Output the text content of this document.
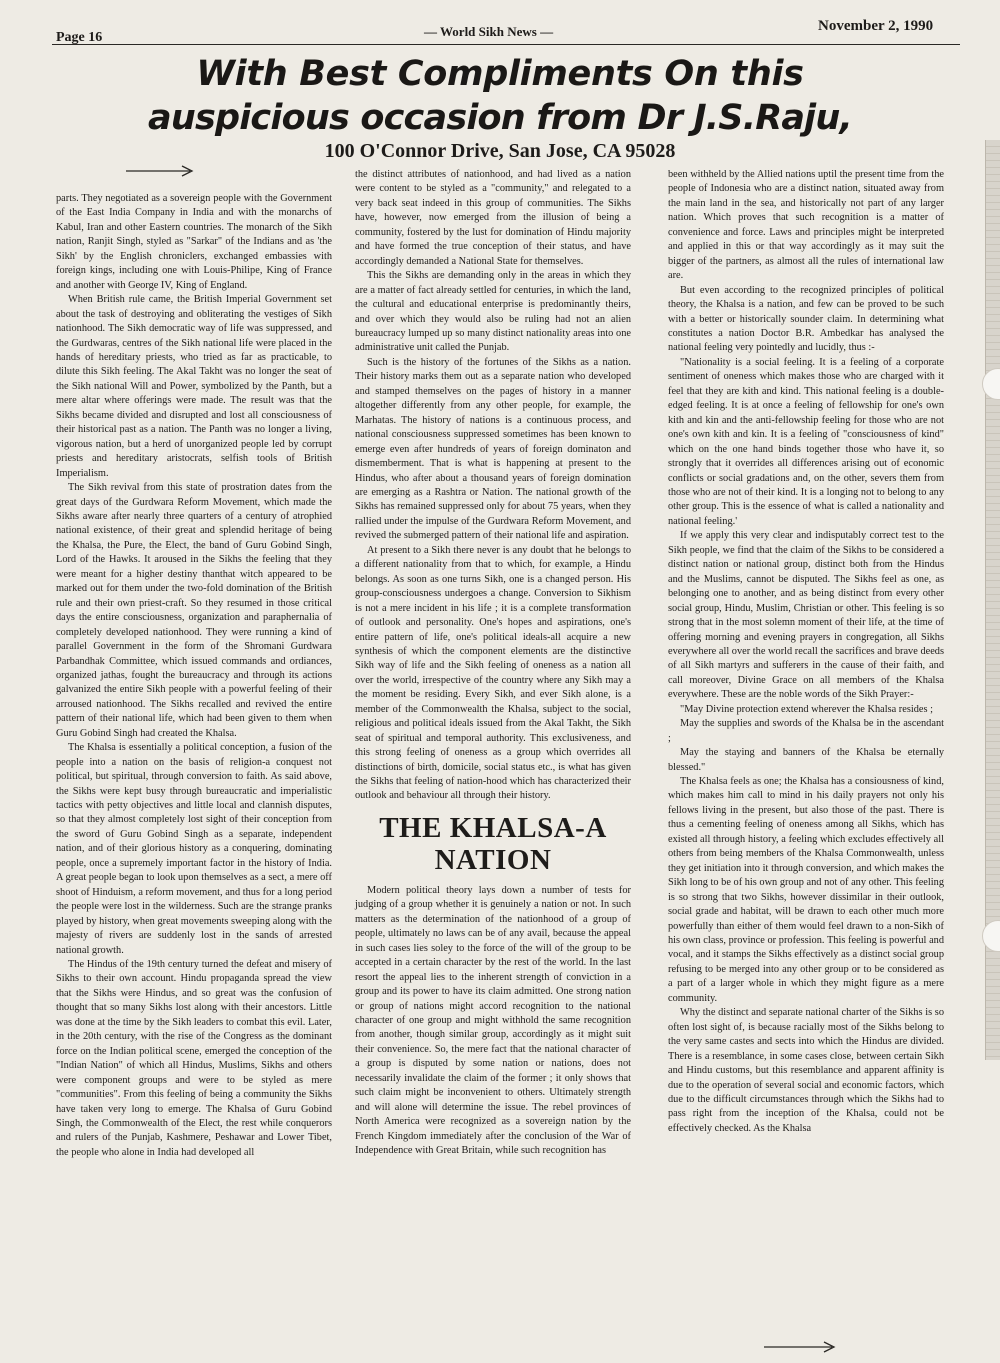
Page 16	— World Sikh News —	November 2, 1990
With Best Compliments On this
auspicious occasion from Dr J.S.Raju,
100 O'Connor Drive, San Jose, CA 95028

parts. They negotiated as a sovereign people with the Government of the East India Company in India and with the monarchs of Kabul, Iran and other Eastern countries. The monarch of the Sikh nation, Ranjit Singh, styled as "Sarkar" of the Indians and as 'the Sikh' by the English chroniclers, exchanged embassies with foreign kings, including one with Louis-Philipe, King of France and another with George IV, King of England.

When British rule came, the British Imperial Government set about the task of destroying and obliterating the vestiges of Sikh nationhood. The Sikh democratic way of life was suppressed, and the Gurdwaras, centres of the Sikh national life were placed in the hands of hereditary priests, who tried as far as practicable, to dilute this Sikh feeling. The Akal Takht was no longer the seat of the Sikh national Will and Power, symbolized by the Panth, but a mere altar where offerings were made. The result was that the Sikhs became divided and disrupted and lost all consciousness of their historical past as a nation. The Panth was no longer a living, vigorous nation, but a herd of unorganized people led by corrupt priests and hereditary aristocrats, selfish tools of British Imperialism.

The Sikh revival from this state of prostration dates from the great days of the Gurdwara Reform Movement, which made the Sikhs aware after nearly three quarters of a century of atrophied national existence, of their great and splendid heritage of being the Khalsa, the Pure, the Elect, the band of Guru Gobind Singh, Lord of the Hawks. It aroused in the Sikhs the feeling that they were meant for a higher destiny thanthat witch appeared to be marked out for them under the two-fold domination of the British rule and their own priest-craft. So they resumed in those critical days the entire consciousness, organization and paraphernalia of completely developed nationhood. They were running a kind of parallel Government in the form of the Shromani Gurdwara Parbandhak Committee, which issued commands and ordiances, organized jathas, fought the bureaucracy and through its actions galvanized the entire Sikh people with a powerful feeling of their arroused nationhood. The Sikhs recalled and revived the entire pattern of their national life, which had been given to them when Guru Gobind Singh had created the Khalsa.

The Khalsa is essentially a political conception, a fusion of the people into a nation on the basis of religion-a conquest not political, but spiritual, through conversion to faith. As said above, the Sikhs were kept busy through bureaucratic and imperialistic tactics with petty objectives and little local and clannish disputes, so that they almost completely lost sight of their conception from the sword of Guru Gobind Singh as a separate, independent nation, and of their glorious history as a conquering, dominating people, once a supremely important factor in the history of India. A great people began to look upon themselves as a sect, a mere off shoot of Hinduism, a reform movement, and thus for a long period the people were lost in the wilderness. Such are the strange pranks played by history, when great movements sweeping along with the majesty of rivers are suddenly lost in the sands of arrested national growth.

The Hindus of the 19th century turned the defeat and misery of Sikhs to their own account. Hindu propaganda spread the view that the Sikhs were Hindus, and so great was the confusion of thought that so many Sikhs lost along with their ancestors. Little was done at the time by the Sikh leaders to combat this evil. Later, in the 20th century, with the rise of the Congress as the dominant force on the Indian political scene, emerged the conception of the "Indian Nation" of which all Hindus, Muslims, Sikhs and others were component groups and were to be styled as mere "communities". From this feeling of being a community the Sikhs have taken very long to emerge. The Khalsa of Guru Gobind Singh, the Commonwealth of the Elect, the rest while conquerors and rulers of the Punjab, Kashmere, Peshawar and Lower Tibet, the people who alone in India had developed all

the distinct attributes of nationhood, and had lived as a nation were content to be styled as a "community," and relegated to a very back seat indeed in this group of communities. The Sikhs have, however, now emerged from the illusion of being a community, fostered by the lust for domination of Hindu majority and have formed the true conception of their status, and have accordingly demanded a National State for themselves.

This the Sikhs are demanding only in the areas in which they are a matter of fact already settled for centuries, in which the land, the cultural and educational enterprise is predominantly theirs, and over which they would also be ruling had not an alien bureaucracy lumped up so many distinct nationality areas into one administrative unit called the Punjab.

Such is the history of the fortunes of the Sikhs as a nation. Their history marks them out as a separate nation who developed and stamped themselves on the pages of history in a manner altogether differently from any other people, for example, the Marhatas. The history of nations is a continuous process, and national consciousness suppressed sometimes has been known to emerge even after hundreds of years of foreign dominaton and dismemberment. That is what is happening at present to the Hindus, who after about a thousand years of foreign domination are emerging as a Rashtra or Nation. The national growth of the Sikhs has remained suppressed only for about 75 years, when they rallied under the impulse of the Gurdwara Reform Movement, and revived the submerged pattern of their national life and aspiration.

At present to a Sikh there never is any doubt that he belongs to a different nationality from that to which, for example, a Hindu belongs. As soon as one turns Sikh, one is a changed person. His group-consciousness undergoes a change. Conversion to Sikhism is not a mere incident in his life ; it is a complete transformation of outlook and personality. One's hopes and aspirations, one's entire pattern of life, one's political ideals-all acquire a new synthesis of which the component elements are the distinctive Sikh way of life and the Sikh feeling of oneness as a nation all over the world, irrespective of the country where any Sikh may a the moment be residing. Every Sikh, and ever Sikh alone, is a member of the Commonwealth the Khalsa, subject to the social, religious and political ideals issued from the Akal Takht, the Sikh seat of spiritual and temporal authority. This exclusiveness, and this strong feeling of oneness as a group which overrides all distinctions of birth, domicile, social status etc., is what has given the Sikhs that feeling of nation-hood which has characterized their outlook and behaviour all through their history.

THE KHALSA-A
NATION

Modern political theory lays down a number of tests for judging of a group whether it is genuinely a nation or not. In such matters as the determination of the nationhood of a group of people, ultimately no laws can be of any avail, because the appeal in such cases lies soley to the force of the will of the group to be accepted in a certain character by the rest of the world. In the last resort the appeal lies to the inherent strength of conviction in a group and its power to have its claim admitted. One strong nation or group of nations might accord recognition to the national character of one group and might withhold the same recognition from another, though similar group, accordingly as it might suit their convenience. So, the mere fact that the national character of a group is disputed by some nation or nations, does not necessarily invalidate the claim of the former ; it only shows that such claim might be inconvenient to others. Ultimately strength and will alone will determine the issue. The rebel provinces of North America were recognized as a sovereign nation by the French Kingdom immediately after the conclusion of the War of Independence with Great Britain, while such recognition has

been withheld by the Allied nations uptil the present time from the people of Indonesia who are a distinct nation, situated away from the main land in the sea, and historically not part of any larger nation. Which proves that such recognition is a matter of convenience and force. Laws and principles might be interpreted and applied in this or that way accordingly as it may suit the bigger of the partners, as almost all the rules of international law are.

But even according to the recognized principles of political theory, the Khalsa is a nation, and few can be proved to be such with a better or historically sounder claim. In determining what constitutes a nation Doctor B.R. Ambedkar has analysed the national feeling very pointedly and lucidly, thus :-

"Nationality is a social feeling. It is a feeling of a corporate sentiment of oneness which makes those who are charged with it feel that they are kith and kind. This national feeling is a double-edged feeling. It is at once a feeling of fellowship for one's own kith and kin and the anti-fellowship feeling for those who are not one's own kith and kin. It is a feeling of "consciousness of kind" which on the one hand binds together those who have it, so strongly that it overrides all differences arising out of economic conflicts or social gradations and, on the other, severs them from those who are not of their kind. It is a longing not to belong to any other group. This is the essence of what is called a nationality and national feeling.'

If we apply this very clear and indisputably correct test to the Sikh people, we find that the claim of the Sikhs to be considered a distinct nation or national group, distinct both from the Hindus and the Muslims, cannot be disputed. The Sikhs feel as one, as belonging one to another, and as being distinct from every other social group, Hindu, Muslim, Christian or other. This feeling is so strong that in the most solemn moment of their life, at the time of offering morning and evening prayers in congregation, all Sikhs everywhere all over the world recall the sacrifices and brave deeds of all Sikh martyrs and sufferers in the cause of their faith, and call moreover, Divine Grace on all members of the Khalsa everywhere. These are the noble words of the Sikh Prayer:-

"May Divine protection extend wherever the Khalsa resides ;

May the supplies and swords of the Khalsa be in the ascendant ;

May the staying and banners of the Khalsa be eternally blessed."

The Khalsa feels as one; the Khalsa has a consiousness of kind, which makes him call to mind in his daily prayers not only his fellows living in the present, but also those of the past. There is thus a cementing feeling of oneness among all Sikhs, which has existed all through history, a feeling which excludes effectively all others from being members of the Khalsa Commonwealth, unless they get initiation into it through conversion, and which makes the Sikh long to be of his own group and not of any other. This feeling is so strong that two Sikhs, however dissimilar in their outlook, social grade and habitat, will be drawn to each other much more powerfully than either of them would feel drawn to a non-Sikh of his own class, province or profession. This feeling is powerful and vocal, and it stamps the Sikhs effectively as a distinct social group refusing to be merged into any other group or to be considered as a part of a larger whole in which they might figure as a mere community.

Why the distinct and separate national charter of the Sikhs is so often lost sight of, is because racially most of the Sikhs belong to the very same castes and sects into which the Hindus are divided. There is a resemblance, in some cases close, between certain Sikh and Hindu customs, but this resemblance and apparent affinity is due to the operation of several social and economic factors, which due to the difficult circumstances through which the Sikhs had to pass right from the inception of the Khalsa, could not be effectively checked. As the Khalsa
